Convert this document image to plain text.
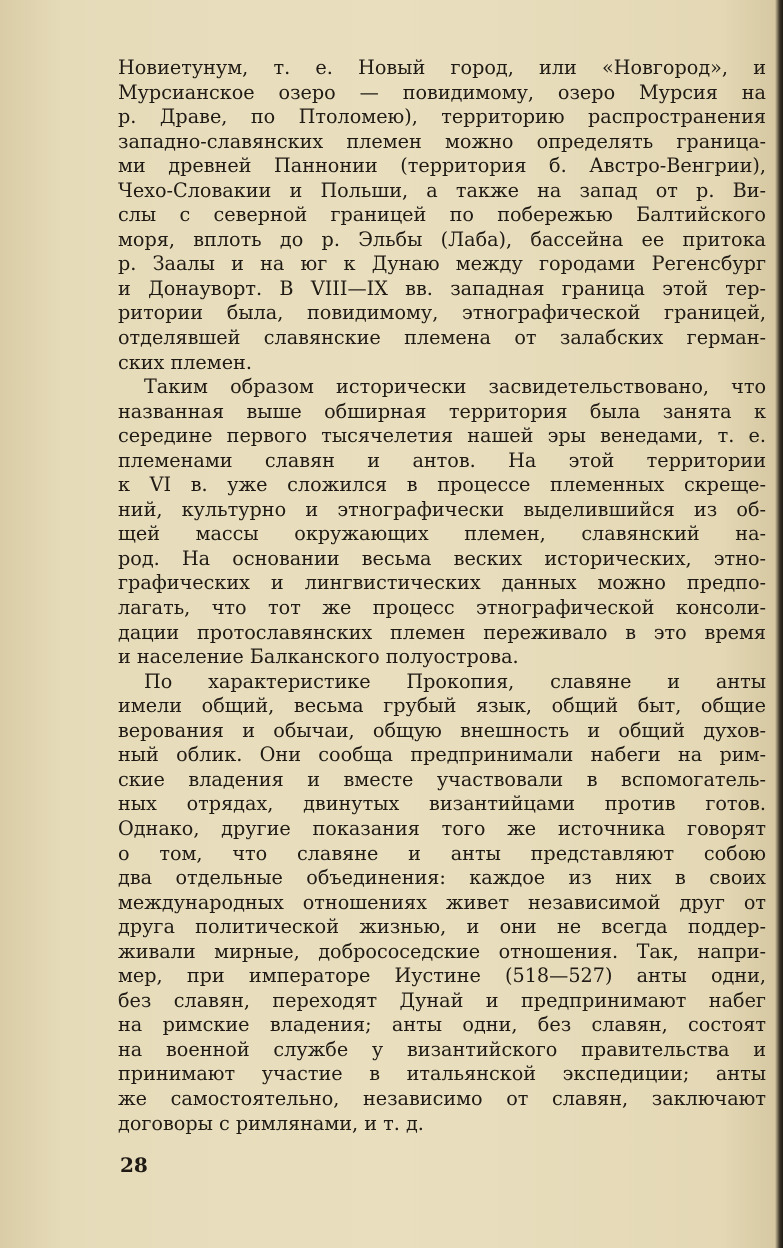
Новиетунум, т. е. Новый город, или «Новгород», и
Мурсианское озеро — повидимому, озеро Мурсия на
р. Драве, по Птоломею), территорию распространения
западно-славянских племен можно определять граница-
ми древней Паннонии (территория б. Австро-Венгрии),
Чехо-Словакии и Польши, а также на запад от р. Ви-
слы с северной границей по побережью Балтийского
моря, вплоть до р. Эльбы (Лаба), бассейна ее притока
р. Заалы и на юг к Дунаю между городами Регенсбург
и Донауворт. В VIII—IX вв. западная граница этой тер-
ритории была, повидимому, этнографической границей,
отделявшей славянские племена от залабских герман-
ских племен.
Таким образом исторически засвидетельствовано, что
названная выше обширная территория была занята к
середине первого тысячелетия нашей эры венедами, т. е.
племенами славян и антов. На этой территории
к VI в. уже сложился в процессе племенных скреще-
ний, культурно и этнографически выделившийся из об-
щей массы окружающих племен, славянский на-
род. На основании весьма веских исторических, этно-
графических и лингвистических данных можно предпо-
лагать, что тот же процесс этнографической консоли-
дации протославянских племен переживало в это время
и население Балканского полуострова.
По характеристике Прокопия, славяне и анты
имели общий, весьма грубый язык, общий быт, общие
верования и обычаи, общую внешность и общий духов-
ный облик. Они сообща предпринимали набеги на рим-
ские владения и вместе участвовали в вспомогатель-
ных отрядах, двинутых византийцами против готов.
Однако, другие показания того же источника говорят
о том, что славяне и анты представляют собою
два отдельные объединения: каждое из них в своих
международных отношениях живет независимой друг от
друга политической жизнью, и они не всегда поддер-
живали мирные, добрососедские отношения. Так, напри-
мер, при императоре Иустине (518—527) анты одни,
без славян, переходят Дунай и предпринимают набег
на римские владения; анты одни, без славян, состоят
на военной службе у византийского правительства и
принимают участие в итальянской экспедиции; анты
же самостоятельно, независимо от славян, заключают
договоры с римлянами, и т. д.
28
